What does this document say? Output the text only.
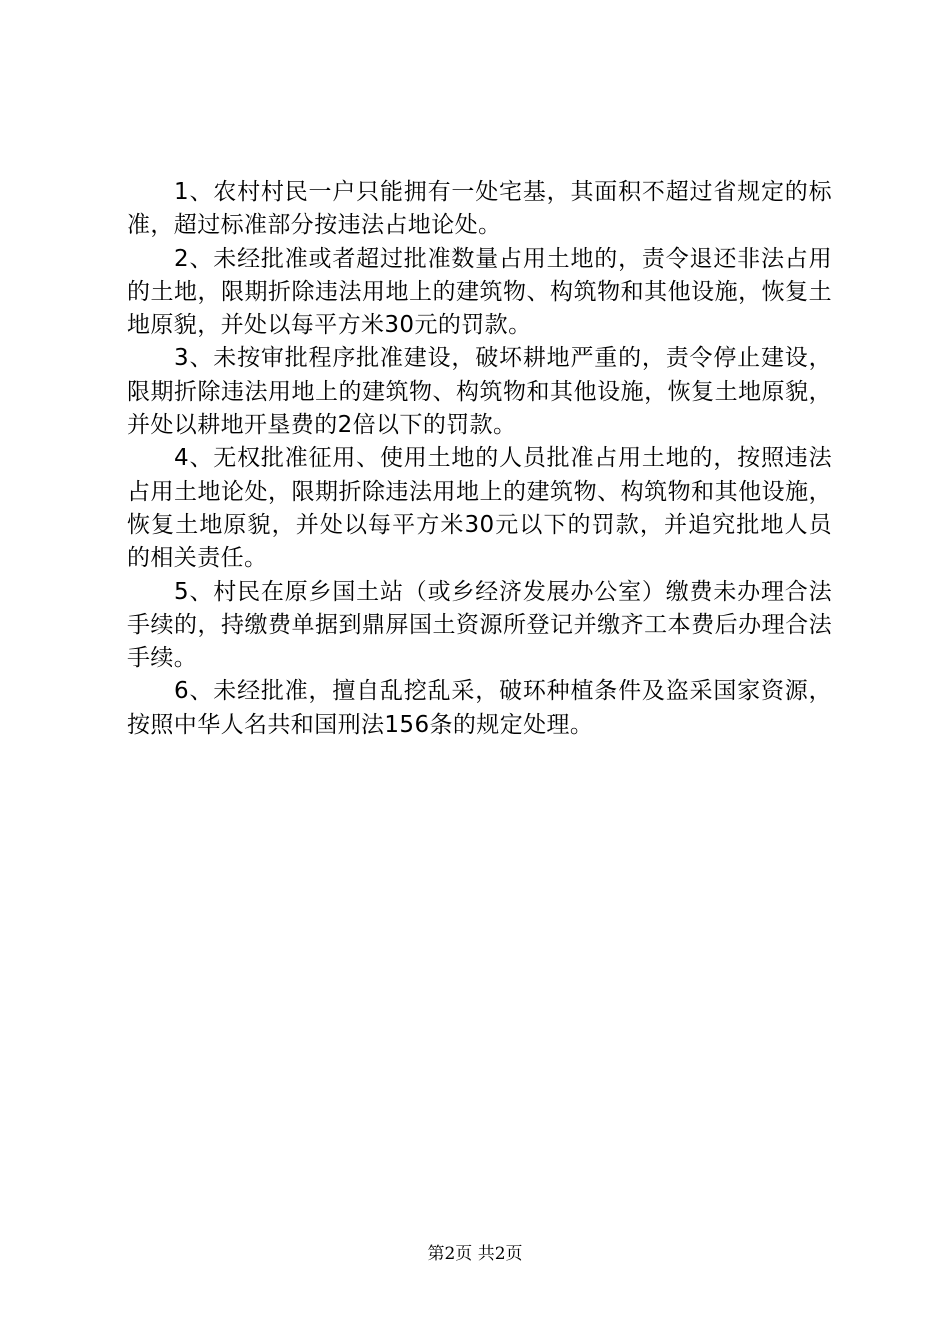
1、农村村民一户只能拥有一处宅基，其面积不超过省规定的标准，超过标准部分按违法占地论处。

2、未经批准或者超过批准数量占用土地的，责令退还非法占用的土地，限期折除违法用地上的建筑物、构筑物和其他设施，恢复土地原貌，并处以每平方米30元的罚款。

3、未按审批程序批准建设，破坏耕地严重的，责令停止建设，限期折除违法用地上的建筑物、构筑物和其他设施，恢复土地原貌，并处以耕地开垦费的2倍以下的罚款。

4、无权批准征用、使用土地的人员批准占用土地的，按照违法占用土地论处，限期折除违法用地上的建筑物、构筑物和其他设施，恢复土地原貌，并处以每平方米30元以下的罚款，并追究批地人员的相关责任。

5、村民在原乡国土站（或乡经济发展办公室）缴费未办理合法手续的，持缴费单据到鼎屏国土资源所登记并缴齐工本费后办理合法手续。

6、未经批准，擅自乱挖乱采，破环种植条件及盗采国家资源，按照中华人名共和国刑法156条的规定处理。

第2页 共2页
